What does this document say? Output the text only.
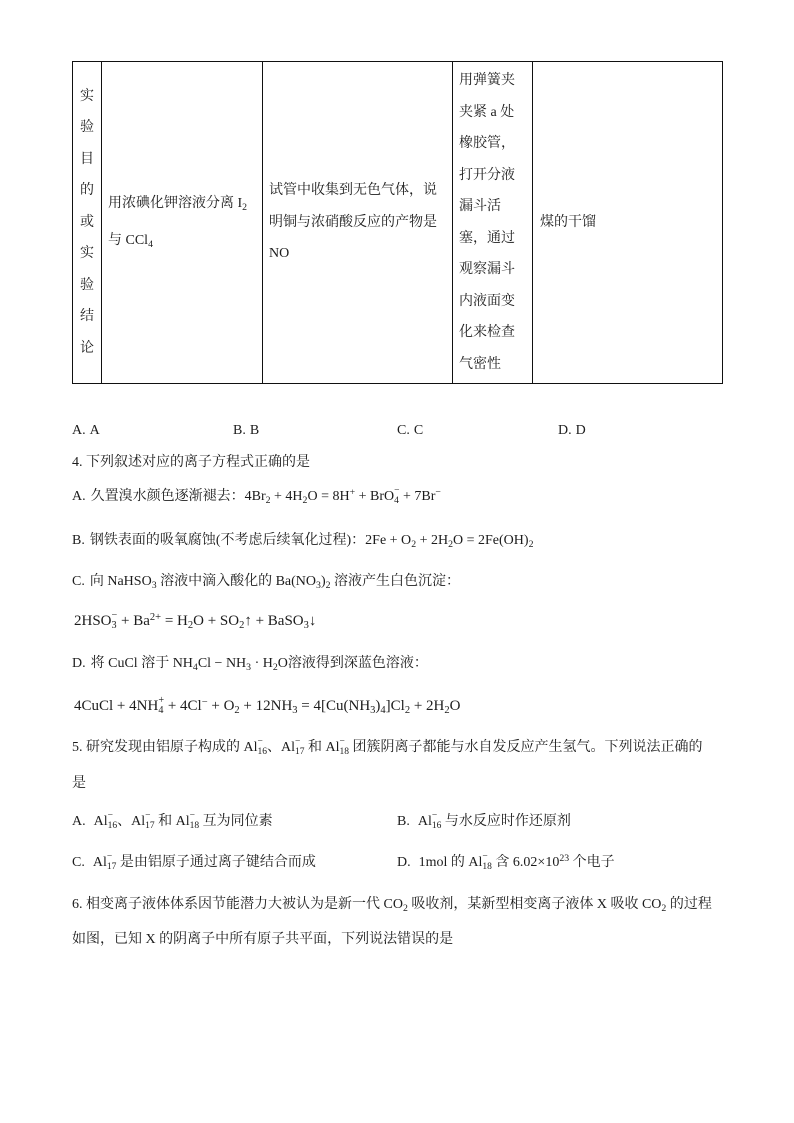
实验目的或实验结论

用浓碘化钾溶液分离 $I_2$
与 CCl$_4$

试管中收集到无色气体，说
明铜与浓硝酸反应的产物是
NO

用弹簧夹
夹紧 a 处
橡胶管，
打开分液
漏斗活
塞，通过
观察漏斗
内液面变
化来检查
气密性

煤的干馏
A. A	B. B	C. C	D. D
4. 下列叙述对应的离子方程式正确的是
A. 久置溴水颜色逐渐褪去：$4Br_2 + 4H_2O = 8H^+$ + BrO −
4 + 7Br−
B. 钢铁表面的吸氧腐蚀(不考虑后续氧化过程)：$2Fe + O_2 + 2H_2O = 2Fe(OH)_2$
C. 向 NaHSO$_3$ 溶液中滴入酸化的 $Ba(NO_3)_2$ 溶液产生白色沉淀：
2HSO −
$3 + Ba^{2+} = H_2O$ + $SO_2↑$ + BaSO$_3$↓
D. 将 CuCl 溶于 $NH_4Cl - NH_3 \cdot H_2O$溶液得到深蓝色溶液：
4CuCl + 4NH +
$4 + 4Cl^- + O_2 + 12NH_3 = 4[Cu(NH_3)_4]Cl_2 + 2H_2O$
5. 研究发现由铝原子构成的 Al −
16 、Al −
17 和 Al −
18 团簇阴离子都能与水自发反应产生氢气。下列说法正确的
是
A. Al −
16 、Al −
17 和 Al −
18 互为同位素	B. Al −
16 与水反应时作还原剂
C. Al −
17 是由铝原子通过离子键结合而成	D. 1mol 的 Al −
18 含 $6.02\times 10^{23}$ 个电子
6. 相变离子液体体系因节能潜力大被认为是新一代 $CO_2$ 吸收剂，某新型相变离子液体 X 吸收 $CO_2$ 的过程
如图，已知 X 的阴离子中所有原子共平面，下列说法错误的是
